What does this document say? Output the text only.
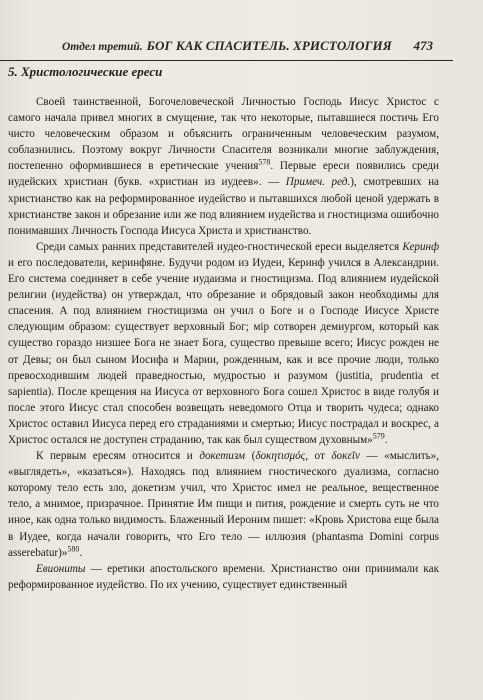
Отдел третий. БОГ КАК СПАСИТЕЛЬ. ХРИСТОЛОГИЯ 473
5. Христологические ереси

Своей таинственной, Богочеловеческой Личностью Господь Иисус Христос с самого начала привел многих в смущение, так что некоторые, пытавшиеся постичь Его чисто человеческим образом и объяснить ограниченным человеческим разумом, соблазнились. Поэтому вокруг Личности Спасителя возникали многие заблуждения, постепенно оформившиеся в еретические учения$^{578}$. Первые ереси появились среди иудейских христиан (букв. «христиан из иудеев». — Примеч. ред.), смотревших на христианство как на реформированное иудейство и пытавшихся любой ценой удержать в христианстве закон и обрезание или же под влиянием иудейства и гностицизма ошибочно понимавших Личность Господа Иисуса Христа и христианство.

Среди самых ранних представителей иудео-гностической ереси выделяется Керинф и его последователи, керинфяне. Будучи родом из Иудеи, Керинф учился в Александрии. Его система соединяет в себе учение иудаизма и гностицизма. Под влиянием иудейской религии (иудейства) он утверждал, что обрезание и обрядовый закон необходимы для спасения. А под влиянием гностицизма он учил о Боге и о Господе Иисусе Христе следующим образом: существует верховный Бог; мір сотворен демиургом, который как существо гораздо низшее Бога не знает Бога, существо превыше всего; Иисус рожден не от Девы; он был сыном Иосифа и Марии, рожденным, как и все прочие люди, только превосходившим людей праведностью, мудростью и разумом (justitia, prudentia et sapientia). После крещения на Иисуса от верховного Бога сошел Христос в виде голубя и после этого Иисус стал способен возвещать неведомого Отца и творить чудеса; однако Христос оставил Иисуса перед его страданиями и смертью; Иисус пострадал и воскрес, а Христос остался не доступен страданию, так как был существом духовным»$^{579}$.

К первым ересям относится и докетизм (δοκητισμός, от δοκεῖν — «мыслить», «выглядеть», «казаться»). Находясь под влиянием гностического дуализма, согласно которому тело есть зло, докетизм учил, что Христос имел не реальное, вещественное тело, а мнимое, призрачное. Принятие Им пищи и пития, рождение и смерть суть не что иное, как одна только видимость. Блаженный Иероним пишет: «Кровь Христова еще была в Иудее, когда начали говорить, что Его тело — иллюзия (phantasma Domini corpus asserebatur)»$^{580}$.

Евиониты — еретики апостольского времени. Христианство они принимали как реформированное иудейство. По их учению, существует единственный
